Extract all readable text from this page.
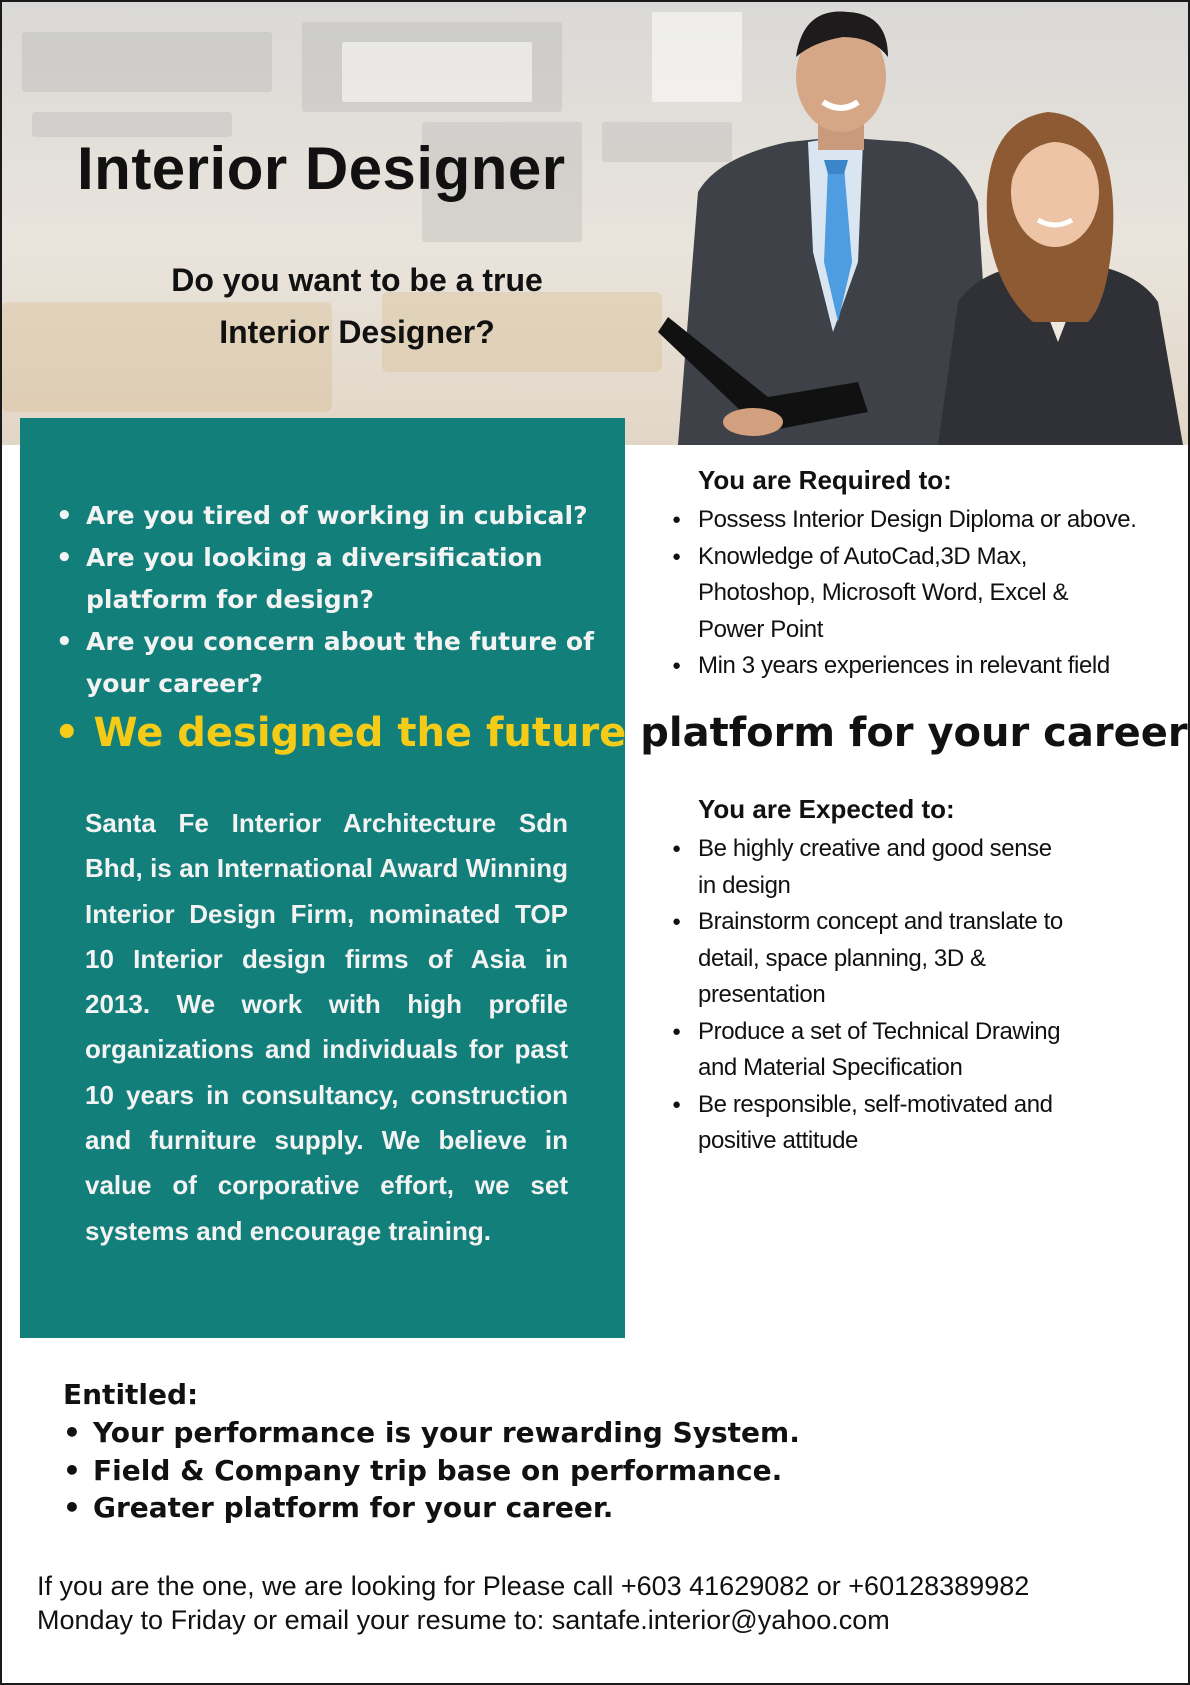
Interior Designer
Do you want to be a true
Interior Designer?
• Are you tired of working in cubical?
• Are you looking a diversification platform for design?
• Are you concern about the future of your career?
• We designed the future platform for your career
Santa Fe Interior Architecture Sdn Bhd, is an International Award Winning Interior Design Firm, nominated TOP 10 Interior design firms of Asia in 2013. We work with high profile organizations and individuals for past 10 years in consultancy, construction and furniture supply. We believe in value of corporative effort, we set systems and encourage training.
You are Required to:
● Possess Interior Design Diploma or above.
● Knowledge of AutoCad,3D Max, Photoshop, Microsoft Word, Excel & Power Point
● Min 3 years experiences in relevant field
You are Expected to:
● Be highly creative and good sense in design
● Brainstorm concept and translate to detail, space planning, 3D & presentation
● Produce a set of Technical Drawing and Material Specification
● Be responsible, self-motivated and positive attitude
Entitled:
• Your performance is your rewarding System.
• Field & Company trip base on performance.
• Greater platform for your career.
If you are the one, we are looking for Please call +603 41629082 or +60128389982
Monday to Friday or email your resume to: santafe.interior@yahoo.com
